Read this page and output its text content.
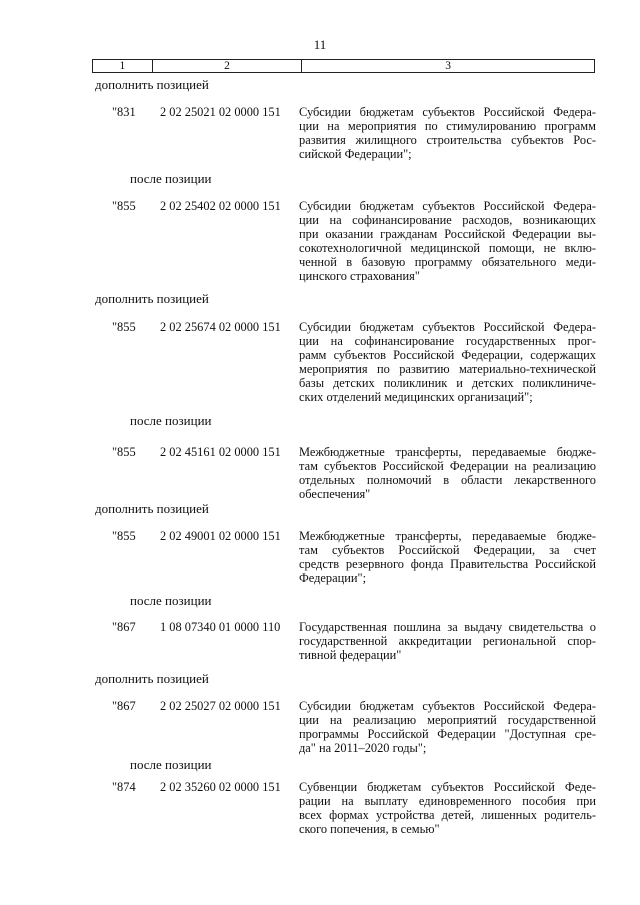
11
1	2	3
дополнить позицией
"831 2 02 25021 02 0000 151 Субсидии бюджетам субъектов Российской Федера-
ции на мероприятия по стимулированию программ
развития жилищного строительства субъектов Рос-
сийской Федерации";
после позиции
"855 2 02 25402 02 0000 151 Субсидии бюджетам субъектов Российской Федера-
ции на софинансирование расходов, возникающих
при оказании гражданам Российской Федерации вы-
сокотехнологичной медицинской помощи, не вклю-
ченной в базовую программу обязательного меди-
цинского страхования"
дополнить позицией
"855 2 02 25674 02 0000 151 Субсидии бюджетам субъектов Российской Федера-
ции на софинансирование государственных прог-
рамм субъектов Российской Федерации, содержащих
мероприятия по развитию материально-технической
базы детских поликлиник и детских поликлиниче-
ских отделений медицинских организаций";
после позиции
"855 2 02 45161 02 0000 151 Межбюджетные трансферты, передаваемые бюдже-
там субъектов Российской Федерации на реализацию
отдельных полномочий в области лекарственного
обеспечения"
дополнить позицией
"855 2 02 49001 02 0000 151 Межбюджетные трансферты, передаваемые бюдже-
там субъектов Российской Федерации, за счет
средств резервного фонда Правительства Российской
Федерации";
после позиции
"867 1 08 07340 01 0000 110 Государственная пошлина за выдачу свидетельства о
государственной аккредитации региональной спор-
тивной федерации"
дополнить позицией
"867 2 02 25027 02 0000 151 Субсидии бюджетам субъектов Российской Федера-
ции на реализацию мероприятий государственной
программы Российской Федерации "Доступная сре-
да" на 2011–2020 годы";
после позиции
"874 2 02 35260 02 0000 151 Субвенции бюджетам субъектов Российской Феде-
рации на выплату единовременного пособия при
всех формах устройства детей, лишенных родитель-
ского попечения, в семью"
